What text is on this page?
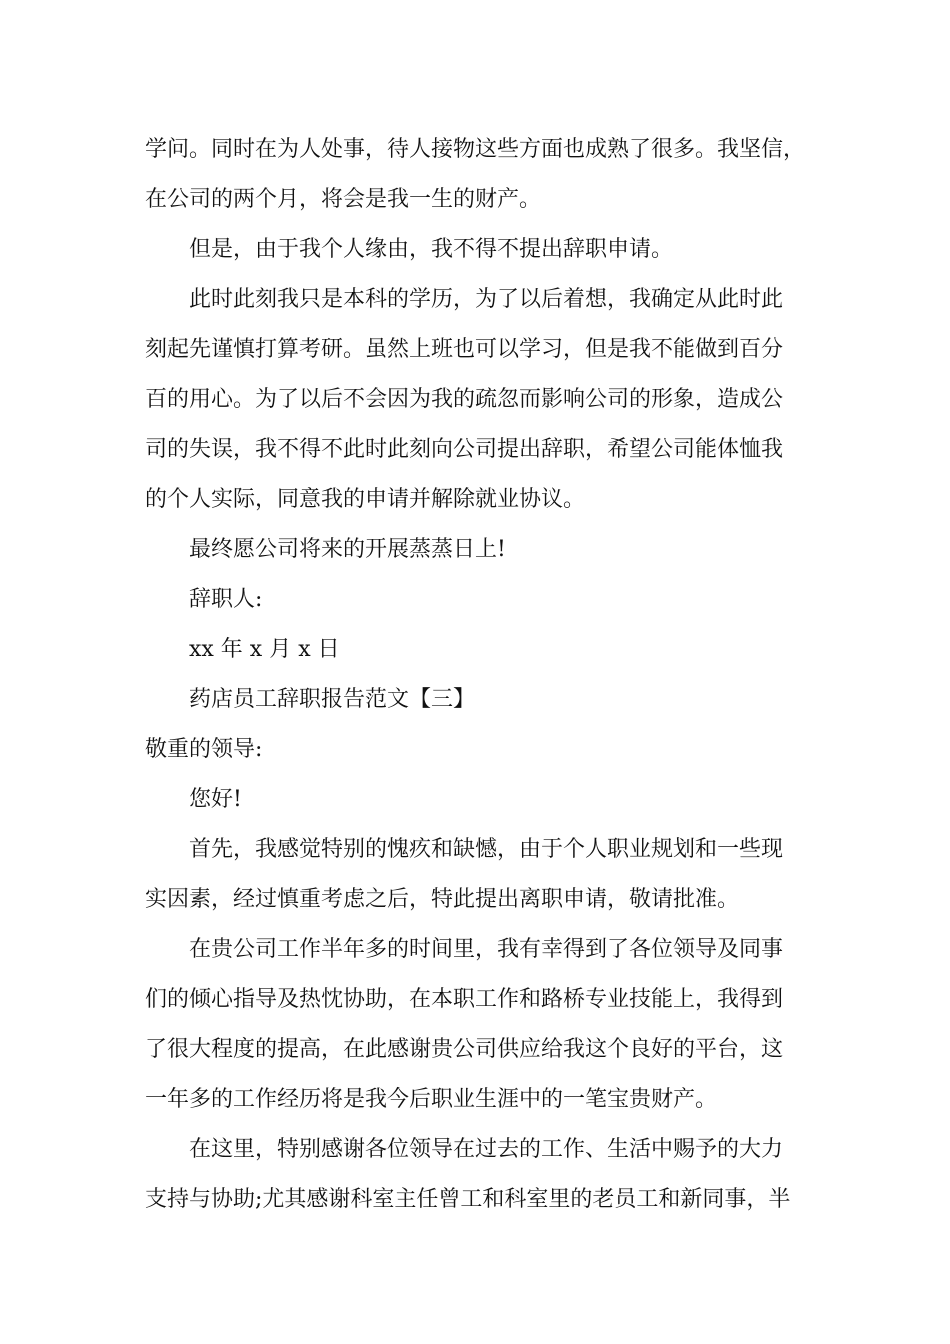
学问。同时在为人处事，待人接物这些方面也成熟了很多。我坚信，
在公司的两个月，将会是我一生的财产。
但是，由于我个人缘由，我不得不提出辞职申请。
此时此刻我只是本科的学历，为了以后着想，我确定从此时此
刻起先谨慎打算考研。虽然上班也可以学习，但是我不能做到百分
百的用心。为了以后不会因为我的疏忽而影响公司的形象，造成公
司的失误，我不得不此时此刻向公司提出辞职，希望公司能体恤我
的个人实际，同意我的申请并解除就业协议。
最终愿公司将来的开展蒸蒸日上!
辞职人:
xx 年 x 月 x 日
药店员工辞职报告范文【三】
敬重的领导:
您好!
首先，我感觉特别的愧疚和缺憾，由于个人职业规划和一些现
实因素，经过慎重考虑之后，特此提出离职申请，敬请批准。
在贵公司工作半年多的时间里，我有幸得到了各位领导及同事
们的倾心指导及热忱协助，在本职工作和路桥专业技能上，我得到
了很大程度的提高，在此感谢贵公司供应给我这个良好的平台，这
一年多的工作经历将是我今后职业生涯中的一笔宝贵财产。
在这里，特别感谢各位领导在过去的工作、生活中赐予的大力
支持与协助;尤其感谢科室主任曾工和科室里的老员工和新同事，半
